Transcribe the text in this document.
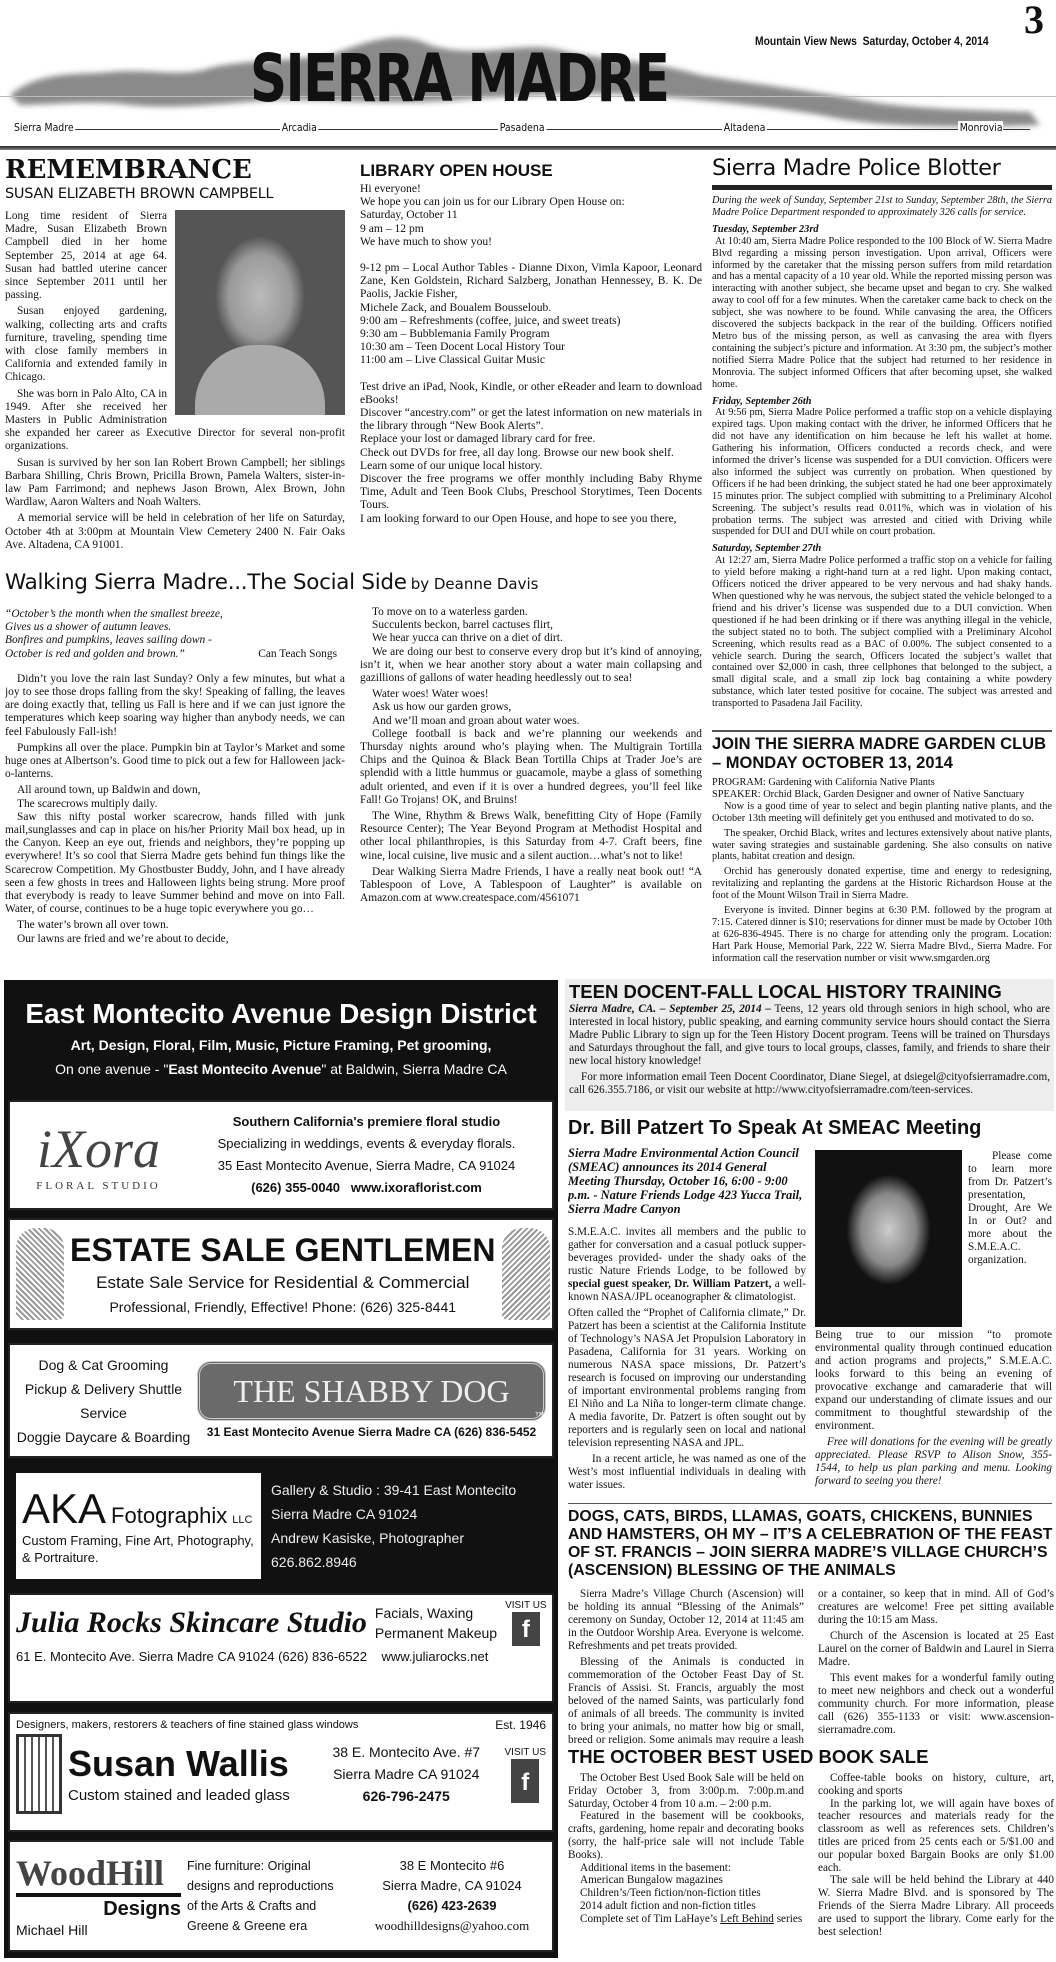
SIERRA MADRE
3
Mountain View News  Saturday, October 4, 2014
Sierra Madre	Arcadia	Pasadena	Altadena	Monrovia
REMEMBRANCE
SUSAN ELIZABETH BROWN CAMPBELL

Long time resident of Sierra Madre, Susan Elizabeth Brown Campbell died in her home September 25, 2014 at age 64. Susan had battled uterine cancer since September 2011 until her passing.

Susan enjoyed gardening, walking, collecting arts and crafts furniture, traveling, spending time with close family members in California and extended family in Chicago.

She was born in Palo Alto, CA in 1949. After she received her Masters in Public Administration she expanded her career as Executive Director for several non-profit organizations.

Susan is survived by her son Ian Robert Brown Campbell; her siblings Barbara Shilling, Chris Brown, Pricilla Brown, Pamela Walters, sister-in-law Pam Farrimond; and nephews Jason Brown, Alex Brown, John Wardlaw, Aaron Walters and Noah Walters.

A memorial service will be held in celebration of her life on Saturday, October 4th at 3:00pm at Mountain View Cemetery 2400 N. Fair Oaks Ave. Altadena, CA 91001.

LIBRARY OPEN HOUSE
Hi everyone!
We hope you can join us for our Library Open House on:
Saturday, October 11
9 am – 12 pm
We have much to show you!
9-12 pm – Local Author Tables - Dianne Dixon, Vimla Kapoor, Leonard Zane, Ken Goldstein, Richard Salzberg, Jonathan Hennessey, B. K. De Paolis, Jackie Fisher,
Michele Zack, and Boualem Bousseloub.
9:00 am – Refreshments (coffee, juice, and sweet treats)
9:30 am – Bubblemania Family Program
10:30 am – Teen Docent Local History Tour
11:00 am – Live Classical Guitar Music
Test drive an iPad, Nook, Kindle, or other eReader and learn to download eBooks!
Discover “ancestry.com” or get the latest information on new materials in the library through “New Book Alerts”.
Replace your lost or damaged library card for free.
Check out DVDs for free, all day long. Browse our new book shelf.
Learn some of our unique local history.
Discover the free programs we offer monthly including Baby Rhyme Time, Adult and Teen Book Clubs, Preschool Storytimes, Teen Docents Tours.
I am looking forward to our Open House, and hope to see you there,
Sierra Madre Police Blotter

During the week of Sunday, September 21st to Sunday, September 28th, the Sierra Madre Police Department responded to approximately 326 calls for service.

Tuesday, September 23rd

At 10:40 am, Sierra Madre Police responded to the 100 Block of W. Sierra Madre Blvd regarding a missing person investigation. Upon arrival, Officers were informed by the caretaker that the missing person suffers from mild retardation and has a mental capacity of a 10 year old. While the reported missing person was interacting with another subject, she became upset and began to cry. She walked away to cool off for a few minutes. When the caretaker came back to check on the subject, she was nowhere to be found. While canvasing the area, the Officers discovered the subjects backpack in the rear of the building. Officers notified Metro bus of the missing person, as well as canvasing the area with flyers containing the subject’s picture and information. At 3:30 pm, the subject’s mother notified Sierra Madre Police that the subject had returned to her residence in Monrovia. The subject informed Officers that after becoming upset, she walked home.

Friday, September 26th

At 9:56 pm, Sierra Madre Police performed a traffic stop on a vehicle displaying expired tags. Upon making contact with the driver, he informed Officers that he did not have any identification on him because he left his wallet at home. Gathering his information, Officers conducted a records check, and were informed the driver’s license was suspended for a DUI conviction. Officers were also informed the subject was currently on probation. When questioned by Officers if he had been drinking, the subject stated he had one beer approximately 15 minutes prior. The subject complied with submitting to a Preliminary Alcohol Screening. The subject’s results read 0.011%, which was in violation of his probation terms. The subject was arrested and citied with Driving while suspended for DUI and DUI while on court probation.

Saturday, September 27th

At 12:27 am, Sierra Madre Police performed a traffic stop on a vehicle for failing to yield before making a right-hand turn at a red light. Upon making contact, Officers noticed the driver appeared to be very nervous and had shaky hands. When questioned why he was nervous, the subject stated the vehicle belonged to a friend and his driver’s license was suspended due to a DUI conviction. When questioned if he had been drinking or if there was anything illegal in the vehicle, the subject stated no to both. The subject complied with a Preliminary Alcohol Screening, which results read as a BAC of 0.00%. The subject consented to a vehicle search. During the search, Officers located the subject’s wallet that contained over $2,000 in cash, three cellphones that belonged to the subject, a small digital scale, and a small zip lock bag containing a white powdery substance, which later tested positive for cocaine. The subject was arrested and transported to Pasadena Jail Facility.

Walking Sierra Madre...The Social Side by Deanne Davis
“October’s the month when the smallest breeze,
Gives us a shower of autumn leaves.
Bonfires and pumpkins, leaves sailing down -
October is red and golden and brown.”	Can Teach Songs

Didn’t you love the rain last Sunday? Only a few minutes, but what a joy to see those drops falling from the sky! Speaking of falling, the leaves are doing exactly that, telling us Fall is here and if we can just ignore the temperatures which keep soaring way higher than anybody needs, we can feel Fabulously Fall-ish!

Pumpkins all over the place. Pumpkin bin at Taylor’s Market and some huge ones at Albertson’s. Good time to pick out a few for Halloween jack-o-lanterns.

All around town, up Baldwin and down,
The scarecrows multiply daily.

Saw this nifty postal worker scarecrow, hands filled with junk mail,sunglasses and cap in place on his/her Priority Mail box head, up in the Canyon. Keep an eye out, friends and neighbors, they’re popping up everywhere! It’s so cool that Sierra Madre gets behind fun things like the Scarecrow Competition. My Ghostbuster Buddy, John, and I have already seen a few ghosts in trees and Halloween lights being strung. More proof that everybody is ready to leave Summer behind and move on into Fall. Water, of course, continues to be a huge topic everywhere you go…

The water’s brown all over town.
Our lawns are fried and we’re about to decide,
To move on to a waterless garden.
Succulents beckon, barrel cactuses flirt,
We hear yucca can thrive on a diet of dirt.

We are doing our best to conserve every drop but it’s kind of annoying, isn’t it, when we hear another story about a water main collapsing and gazillions of gallons of water heading heedlessly out to sea!

Water woes! Water woes!
Ask us how our garden grows,
And we’ll moan and groan about water woes.

College football is back and we’re planning our weekends and Thursday nights around who’s playing when. The Multigrain Tortilla Chips and the Quinoa & Black Bean Tortilla Chips at Trader Joe’s are splendid with a little hummus or guacamole, maybe a glass of something adult oriented, and even if it is over a hundred degrees, you’ll feel like Fall! Go Trojans! OK, and Bruins!

The Wine, Rhythm & Brews Walk, benefitting City of Hope (Family Resource Center); The Year Beyond Program at Methodist Hospital and other local philanthropies, is this Saturday from 4-7. Craft beers, fine wine, local cuisine, live music and a silent auction…what’s not to like!

Dear Walking Sierra Madre Friends, I have a really neat book out! “A Tablespoon of Love, A Tablespoon of Laughter” is available on Amazon.com at www.createspace.com/4561071

JOIN THE SIERRA MADRE GARDEN CLUB – MONDAY OCTOBER 13, 2014
PROGRAM: Gardening with California Native Plants
SPEAKER: Orchid Black, Garden Designer and owner of Native Sanctuary

Now is a good time of year to select and begin planting native plants, and the October 13th meeting will definitely get you enthused and motivated to do so.

The speaker, Orchid Black, writes and lectures extensively about native plants, water saving strategies and sustainable gardening. She also consults on native plants, habitat creation and design.

Orchid has generously donated expertise, time and energy to redesigning, revitalizing and replanting the gardens at the Historic Richardson House at the foot of the Mount Wilson Trail in Sierra Madre.

Everyone is invited. Dinner begins at 6:30 P.M. followed by the program at 7:15. Catered dinner is $10; reservations for dinner must be made by October 10th at 626-836-4945. There is no charge for attending only the program. Location: Hart Park House, Memorial Park, 222 W. Sierra Madre Blvd., Sierra Madre. For information call the reservation number or visit www.smgarden.org

East Montecito Avenue Design District
Art, Design, Floral, Film, Music, Picture Framing, Pet grooming,
On one avenue - "East Montecito Avenue" at Baldwin, Sierra Madre CA
iXora
FLORAL STUDIO
Southern California's premiere floral studio
Specializing in weddings, events & everyday florals.
35 East Montecito Avenue, Sierra Madre, CA 91024
(626) 355-0040 www.ixoraflorist.com
ESTATE SALE GENTLEMEN
Estate Sale Service for Residential & Commercial
Professional, Friendly, Effective! Phone: (626) 325-8441
Dog & Cat Grooming
Pickup & Delivery Shuttle Service
Doggie Daycare & Boarding
THE SHABBY DOG
™
31 East Montecito Avenue Sierra Madre CA (626) 836-5452
AKA Fotographix LLC
Custom Framing, Fine Art, Photography, & Portraiture.
Gallery & Studio : 39-41 East Montecito
Sierra Madre CA 91024
Andrew Kasiske, Photographer
626.862.8946
Julia Rocks Skincare Studio Facials, Waxing
Permanent Makeup
VISIT US
f
61 E. Montecito Ave. Sierra Madre CA 91024 (626) 836-6522 www.juliarocks.net
Designers, makers, restorers & teachers of fine stained glass windows	Est. 1946
Susan Wallis
Custom stained and leaded glass
38 E. Montecito Ave. #7
Sierra Madre CA 91024
626-796-2475
VISIT US
f
WoodHill
Designs
Michael Hill
Fine furniture: Original
designs and reproductions
of the Arts & Crafts and
Greene & Greene era
38 E Montecito #6
Sierra Madre, CA 91024
(626) 423-2639
woodhilldesigns@yahoo.com
TEEN DOCENT-FALL LOCAL HISTORY TRAINING

Sierra Madre, CA. – September 25, 2014 – Teens, 12 years old through seniors in high school, who are interested in local history, public speaking, and earning community service hours should contact the Sierra Madre Public Library to sign up for the Teen History Docent program. Teens will be trained on Thursdays and Saturdays throughout the fall, and give tours to local groups, classes, family, and friends to share their new local history knowledge!

For more information email Teen Docent Coordinator, Diane Siegel, at dsiegel@cityofsierramadre.com, call 626.355.7186, or visit our website at http://www.cityofsierramadre.com/teen-services.

Dr. Bill Patzert To Speak At SMEAC Meeting

Sierra Madre Environmental Action Council (SMEAC) announces its 2014 General Meeting Thursday, October 16, 6:00 - 9:00 p.m. - Nature Friends Lodge 423 Yucca Trail, Sierra Madre Canyon

S.M.E.A.C. invites all members and the public to gather for conversation and a casual potluck supper- beverages provided- under the shady oaks of the rustic Nature Friends Lodge, to be followed by special guest speaker, Dr. William Patzert, a well-known NASA/JPL oceanographer & climatologist.

Often called the “Prophet of California climate,” Dr. Patzert has been a scientist at the California Institute of Technology’s NASA Jet Propulsion Laboratory in Pasadena, California for 31 years. Working on numerous NASA space missions, Dr. Patzert’s research is focused on improving our understanding of important environmental problems ranging from El Niño and La Niña to longer-term climate change. A media favorite, Dr. Patzert is often sought out by reporters and is regularly seen on local and national television representing NASA and JPL.

In a recent article, he was named as one of the West’s most influential individuals in dealing with water issues.

Please come to learn more from Dr. Patzert’s presentation, Drought, Are We In or Out? and more about the S.M.E.A.C. organization.

Being true to our mission “to promote environmental quality through continued education and action programs and projects,” S.M.E.A.C. looks forward to this being an evening of provocative exchange and camaraderie that will expand our understanding of climate issues and our commitment to thoughtful stewardship of the environment.

Free will donations for the evening will be greatly appreciated. Please RSVP to Alison Snow, 355-1544, to help us plan parking and menu. Looking forward to seeing you there!

DOGS, CATS, BIRDS, LLAMAS, GOATS, CHICKENS, BUNNIES AND HAMSTERS, OH MY – IT’S A CELEBRATION OF THE FEAST OF ST. FRANCIS – JOIN SIERRA MADRE’S VILLAGE CHURCH’S (ASCENSION) BLESSING OF THE ANIMALS

Sierra Madre’s Village Church (Ascension) will be holding its annual “Blessing of the Animals” ceremony on Sunday, October 12, 2014 at 11:45 am in the Outdoor Worship Area. Everyone is welcome. Refreshments and pet treats provided.

Blessing of the Animals is conducted in commemoration of the October Feast Day of St. Francis of Assisi. St. Francis, arguably the most beloved of the named Saints, was particularly fond of animals of all breeds. The community is invited to bring your animals, no matter how big or small, breed or religion. Some animals may require a leash or a container, so keep that in mind. All of God’s creatures are welcome! Free pet sitting available during the 10:15 am Mass.

Church of the Ascension is located at 25 East Laurel on the corner of Baldwin and Laurel in Sierra Madre.

This event makes for a wonderful family outing to meet new neighbors and check out a wonderful community church. For more information, please call (626) 355-1133 or visit: www.ascension-sierramadre.com.

THE OCTOBER BEST USED BOOK SALE

The October Best Used Book Sale will be held on Friday October 3, from 3:00p.m. 7:00p.m.and Saturday, October 4 from 10 a.m. – 2:00 p.m.

Featured in the basement will be cookbooks, crafts, gardening, home repair and decorating books (sorry, the half-price sale will not include Table Books).

Additional items in the basement:
American Bungalow magazines
Children’s/Teen fiction/non-fiction titles
2014 adult fiction and non-fiction titles

Complete set of Tim LaHaye’s Left Behind series

Coffee-table books on history, culture, art, cooking and sports

In the parking lot, we will again have boxes of teacher resources and materials ready for the classroom as well as references sets. Children’s titles are priced from 25 cents each or 5/$1.00 and our popular boxed Bargain Books are only $1.00 each.

The sale will be held behind the Library at 440 W. Sierra Madre Blvd. and is sponsored by The Friends of the Sierra Madre Library. All proceeds are used to support the library. Come early for the best selection!
